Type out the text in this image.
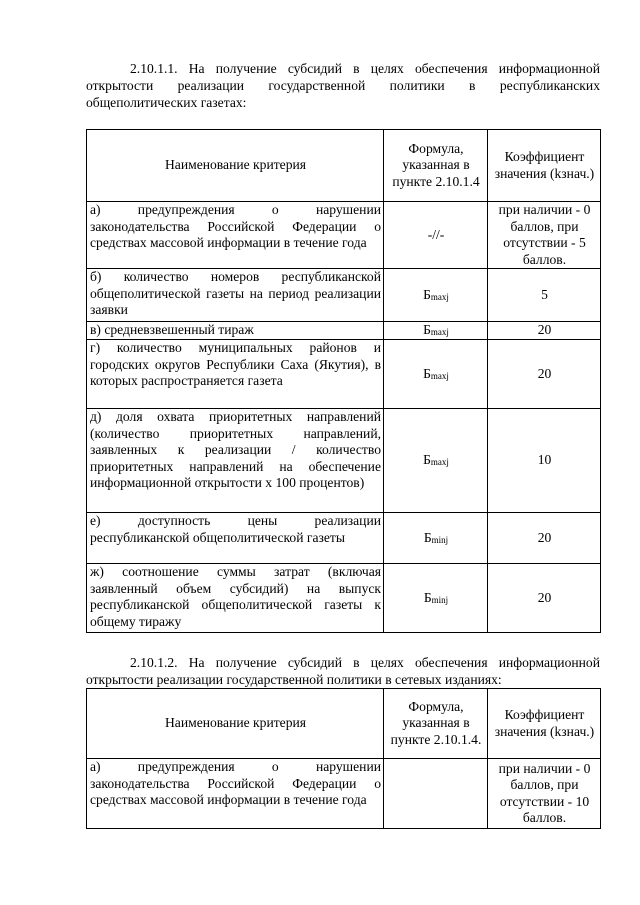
2.10.1.1. На получение субсидий в целях обеспечения информационной открытости реализации государственной политики в республиканских общеполитических газетах:

Наименование критерия	Формула, указанная в пункте 2.10.1.4	Коэффициент значения (kзнач.)
а) предупреждения о нарушении законодательства Российской Федерации о средствах массовой информации в течение года	-//-	при наличии - 0 баллов, при отсутствии - 5 баллов.
б) количество номеров республиканской общеполитической газеты на период реализации заявки	Бmaxj	5
в) средневзвешенный тираж	Бmaxj	20
г) количество муниципальных районов и городских округов Республики Саха (Якутия), в которых распространяется газета	Бmaxj	20
д) доля охвата приоритетных направлений (количество приоритетных направлений, заявленных к реализации / количество приоритетных направлений на обеспечение информационной открытости x 100 процентов)	Бmaxj	10
е) доступность цены реализации республиканской общеполитической газеты	Бminj	20
ж) соотношение суммы затрат (включая заявленный объем субсидий) на выпуск республиканской общеполитической газеты к общему тиражу	Бminj	20

2.10.1.2. На получение субсидий в целях обеспечения информационной открытости реализации государственной политики в сетевых изданиях:

Наименование критерия	Формула, указанная в пункте 2.10.1.4.	Коэффициент значения (kзнач.)
а) предупреждения о нарушении законодательства Российской Федерации о средствах массовой информации в течение года		при наличии - 0 баллов, при отсутствии - 10 баллов.
